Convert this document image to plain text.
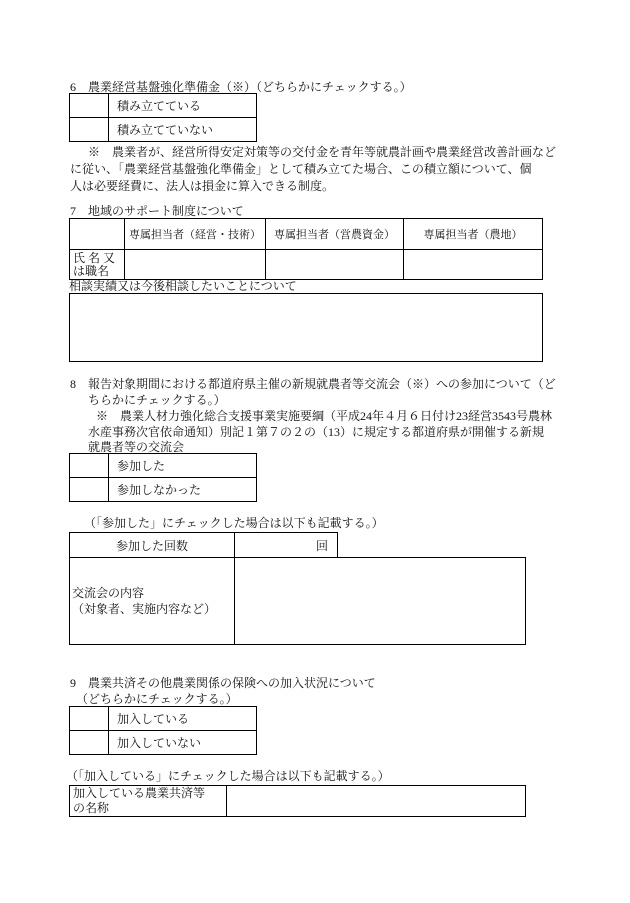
6　農業経営基盤強化準備金（※）（どちらかにチェックする。）
積み立てている
積み立てていない
※　農業者が、経営所得安定対策等の交付金を青年等就農計画や農業経営改善計画など
に従い、「農業経営基盤強化準備金」として積み立てた場合、この積立額について、個
人は必要経費に、法人は損金に算入できる制度。
7　地域のサポート制度について
専属担当者（経営・技術）	専属担当者（営農資金）	専属担当者（農地）
氏 名 又
は職名
相談実績又は今後相談したいことについて
8　報告対象期間における都道府県主催の新規就農者等交流会（※）への参加について（ど
ちらかにチェックする。）
※　農業人材力強化総合支援事業実施要綱（平成24年４月６日付け23経営3543号農林
水産事務次官依命通知）別記１第７の２の（13）に規定する都道府県が開催する新規
就農者等の交流会
参加した
参加しなかった
（「参加した」にチェックした場合は以下も記載する。）
参加した回数	回
交流会の内容
（対象者、実施内容など）
9　農業共済その他農業関係の保険への加入状況について
（どちらかにチェックする。）
加入している
加入していない
（「加入している」にチェックした場合は以下も記載する。）
加入している農業共済等
の名称
